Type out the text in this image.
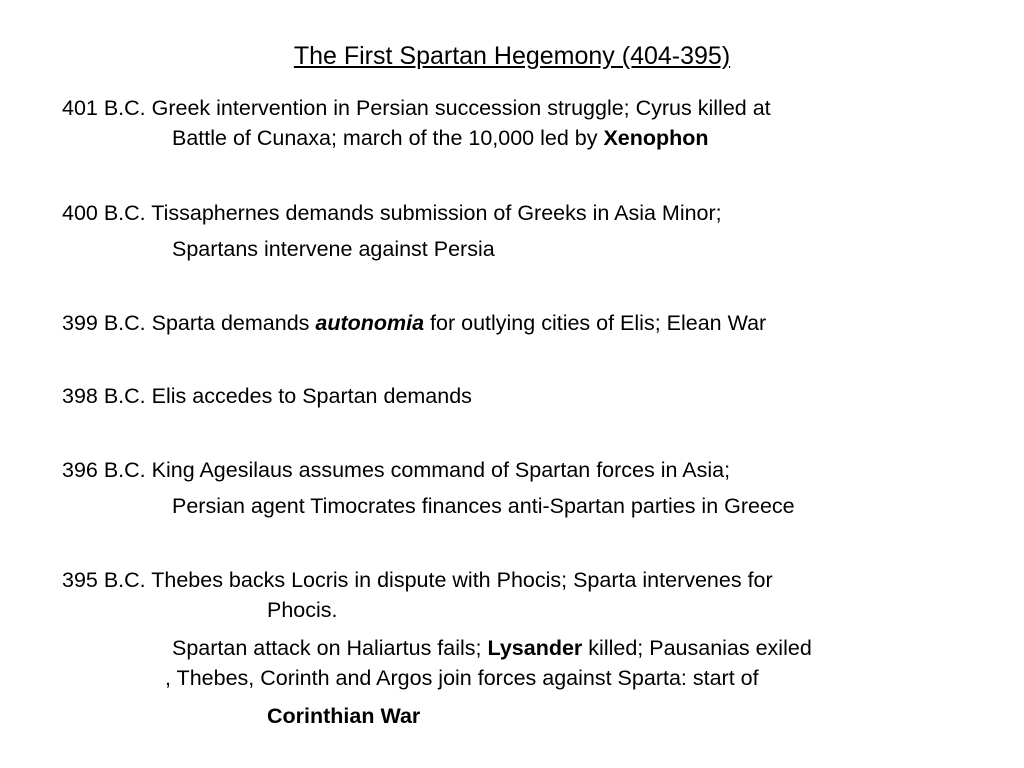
The First Spartan Hegemony (404-395)
401 B.C. Greek intervention in Persian succession struggle; Cyrus killed at
Battle of Cunaxa; march of the 10,000 led by Xenophon
400 B.C. Tissaphernes demands submission of Greeks in Asia Minor;
Spartans intervene against Persia
399 B.C. Sparta demands autonomia for outlying cities of Elis; Elean War
398 B.C. Elis accedes to Spartan demands
396 B.C. King Agesilaus assumes command of Spartan forces in Asia;
Persian agent Timocrates finances anti-Spartan parties in Greece
395 B.C. Thebes backs Locris in dispute with Phocis; Sparta intervenes for
Phocis.
Spartan attack on Haliartus fails; Lysander killed; Pausanias exiled
, Thebes, Corinth and Argos join forces against Sparta: start of
Corinthian War
